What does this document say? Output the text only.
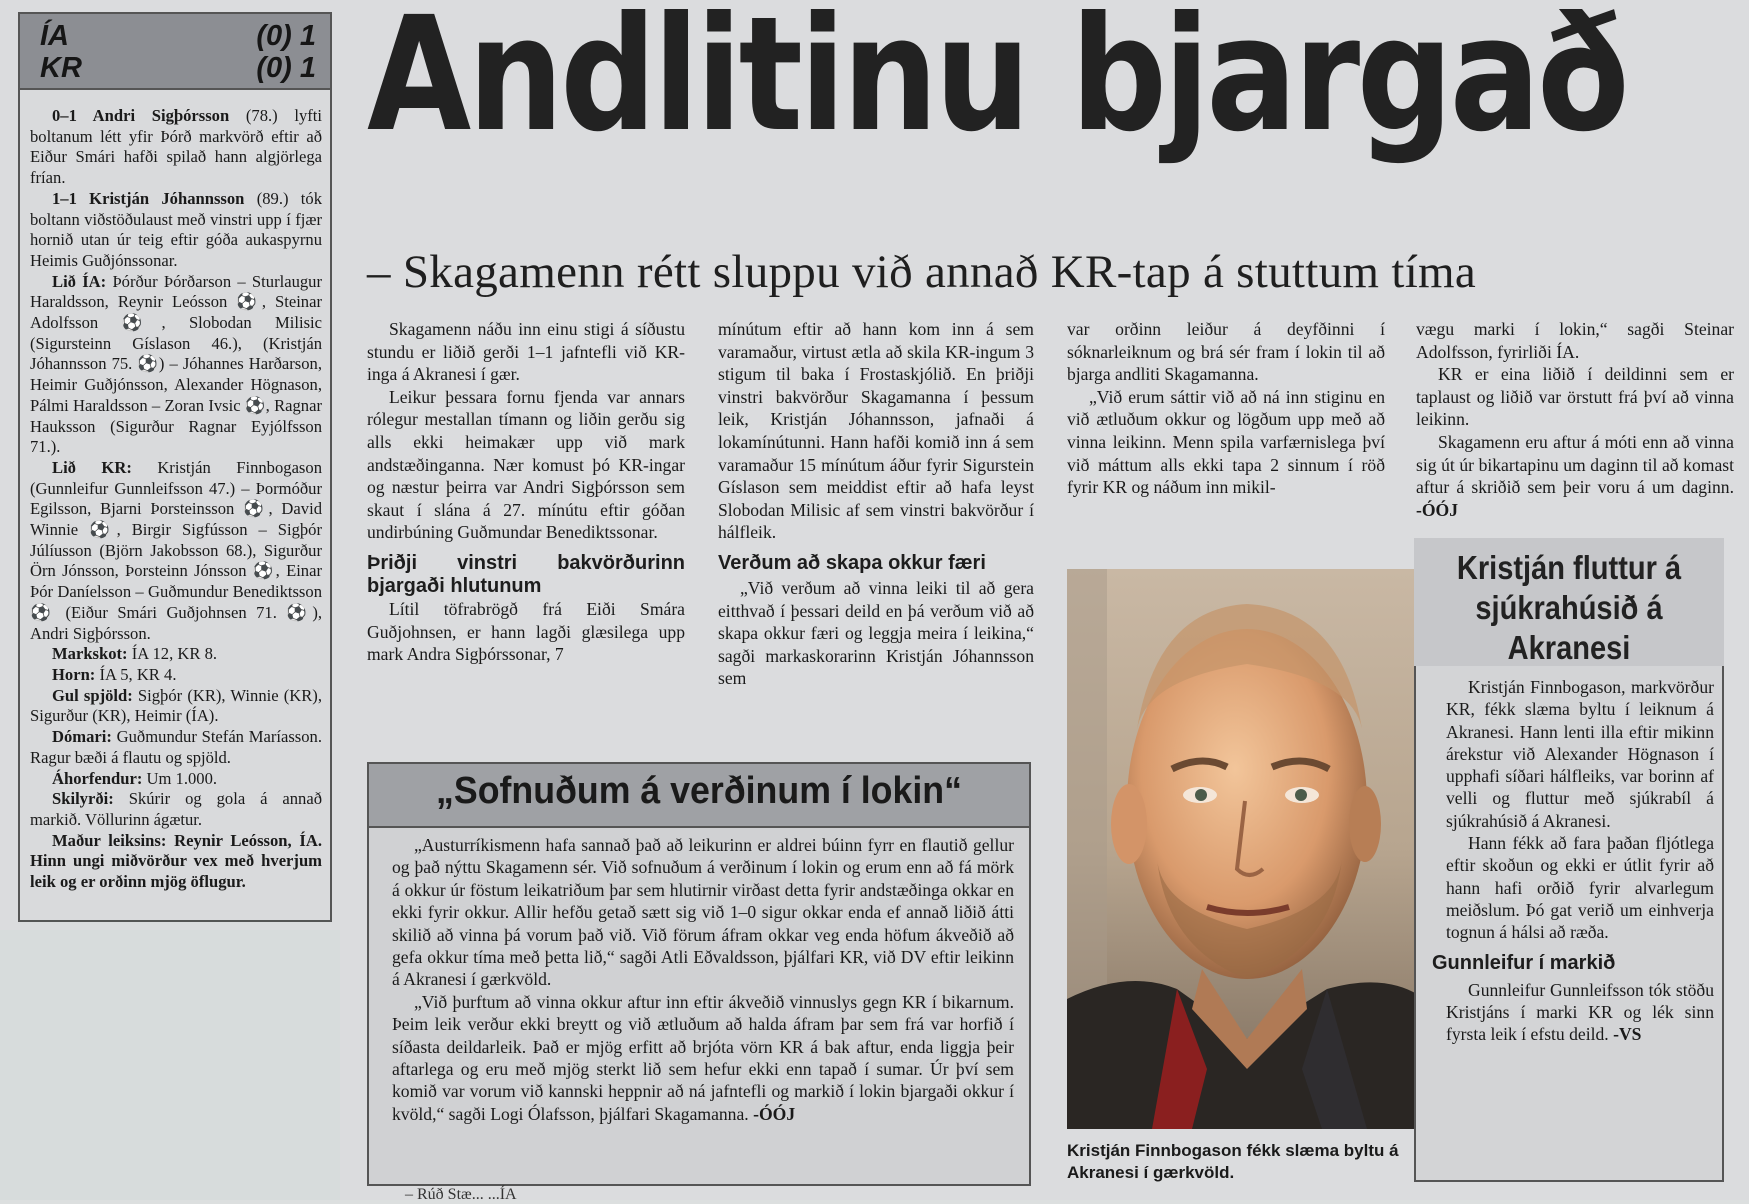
ÍA	(0) 1
KR	(0) 1

0–1 Andri Sigþórsson (78.) lyfti boltanum létt yfir Þórð markvörð eftir að Eiður Smári hafði spilað hann algjörlega frían.

1–1 Kristján Jóhannsson (89.) tók boltann viðstöðulaust með vinstri upp í fjær hornið utan úr teig eftir góða aukaspyrnu Heimis Guðjónssonar.

Lið ÍA: Þórður Þórðarson – Sturlaugur Haraldsson, Reynir Leósson ⚽, Steinar Adolfsson ⚽, Slobodan Milisic (Sigursteinn Gíslason 46.), (Kristján Jóhannsson 75. ⚽) – Jóhannes Harðarson, Heimir Guðjónsson, Alexander Högnason, Pálmi Haraldsson – Zoran Ivsic ⚽, Ragnar Hauksson (Sigurður Ragnar Eyjólfsson 71.).

Lið KR: Kristján Finnbogason (Gunnleifur Gunnleifsson 47.) – Þormóður Egilsson, Bjarni Þorsteinsson ⚽, David Winnie ⚽, Birgir Sigfússon – Sigþór Júlíusson (Björn Jakobsson 68.), Sigurður Örn Jónsson, Þorsteinn Jónsson ⚽, Einar Þór Daníelsson – Guðmundur Benediktsson ⚽ (Eiður Smári Guðjohnsen 71. ⚽), Andri Sigþórsson.

Markskot: ÍA 12, KR 8.

Horn: ÍA 5, KR 4.

Gul spjöld: Sigþór (KR), Winnie (KR), Sigurður (KR), Heimir (ÍA).

Dómari: Guðmundur Stefán Maríasson. Ragur bæði á flautu og spjöld.

Áhorfendur: Um 1.000.

Skilyrði: Skúrir og gola á annað markið. Völlurinn ágætur.

Maður leiksins: Reynir Leósson, ÍA. Hinn ungi miðvörður vex með hverjum leik og er orðinn mjög öflugur.

Andlitinu bjargað
– Skagamenn rétt sluppu við annað KR-tap á stuttum tíma

Skagamenn náðu inn einu stigi á síðustu stundu er liðið gerði 1–1 jafntefli við KR-inga á Akranesi í gær.

Leikur þessara fornu fjenda var annars rólegur mestallan tímann og liðin gerðu sig alls ekki heimakær upp við mark andstæðinganna. Nær komust þó KR-ingar og næstur þeirra var Andri Sigþórsson sem skaut í slána á 27. mínútu eftir góðan undirbúning Guðmundar Benediktssonar.

Þriðji vinstri bakvörðurinn bjargaði hlutunum

Lítil töfrabrögð frá Eiði Smára Guðjohnsen, er hann lagði glæsilega upp mark Andra Sigþórssonar, 7

mínútum eftir að hann kom inn á sem varamaður, virtust ætla að skila KR-ingum 3 stigum til baka í Frostaskjólið. En þriðji vinstri bakvörður Skagamanna í þessum leik, Kristján Jóhannsson, jafnaði á lokamínútunni. Hann hafði komið inn á sem varamaður 15 mínútum áður fyrir Sigurstein Gíslason sem meiddist eftir að hafa leyst Slobodan Milisic af sem vinstri bakvörður í hálfleik.

Verðum að skapa okkur færi

„Við verðum að vinna leiki til að gera eitthvað í þessari deild en þá verðum við að skapa okkur færi og leggja meira í leikina,“ sagði markaskorarinn Kristján Jóhannsson sem

var orðinn leiður á deyfðinni í sóknarleiknum og brá sér fram í lokin til að bjarga andliti Skagamanna.

„Við erum sáttir við að ná inn stiginu en við ætluðum okkur og lögðum upp með að vinna leikinn. Menn spila varfærnislega því við máttum alls ekki tapa 2 sinnum í röð fyrir KR og náðum inn mikil-

vægu marki í lokin,“ sagði Steinar Adolfsson, fyrirliði ÍA.

KR er eina liðið í deildinni sem er taplaust og liðið var örstutt frá því að vinna leikinn.

Skagamenn eru aftur á móti enn að vinna sig út úr bikartapinu um daginn til að komast aftur á skriðið sem þeir voru á um daginn. -ÓÓJ

„Sofnuðum á verðinum í lokin“

„Austurríkismenn hafa sannað það að leikurinn er aldrei búinn fyrr en flautið gellur og það nýttu Skagamenn sér. Við sofnuðum á verðinum í lokin og erum enn að fá mörk á okkur úr föstum leikatriðum þar sem hlutirnir virðast detta fyrir andstæðinga okkar en ekki fyrir okkur. Allir hefðu getað sætt sig við 1–0 sigur okkar enda ef annað liðið átti skilið að vinna þá vorum það við. Við förum áfram okkar veg enda höfum ákveðið að gefa okkur tíma með þetta lið,“ sagði Atli Eðvaldsson, þjálfari KR, við DV eftir leikinn á Akranesi í gærkvöld.

„Við þurftum að vinna okkur aftur inn eftir ákveðið vinnuslys gegn KR í bikarnum. Þeim leik verður ekki breytt og við ætluðum að halda áfram þar sem frá var horfið í síðasta deildarleik. Það er mjög erfitt að brjóta vörn KR á bak aftur, enda liggja þeir aftarlega og eru með mjög sterkt lið sem hefur ekki enn tapað í sumar. Úr því sem komið var vorum við kannski heppnir að ná jafntefli og markið í lokin bjargaði okkur í kvöld,“ sagði Logi Ólafsson, þjálfari Skagamanna. -ÓÓJ

Kristján Finnbogason fékk slæma byltu á Akranesi í gærkvöld.
Kristján fluttur á sjúkrahúsið á Akranesi

Kristján Finnbogason, markvörður KR, fékk slæma byltu í leiknum á Akranesi. Hann lenti illa eftir mikinn árekstur við Alexander Högnason í upphafi síðari hálfleiks, var borinn af velli og fluttur með sjúkrabíl á sjúkrahúsið á Akranesi.

Hann fékk að fara þaðan fljótlega eftir skoðun og ekki er útlit fyrir að hann hafi orðið fyrir alvarlegum meiðslum. Þó gat verið um einhverja tognun á hálsi að ræða.

Gunnleifur í markið

Gunnleifur Gunnleifsson tók stöðu Kristjáns í marki KR og lék sinn fyrsta leik í efstu deild. -VS

– Rúð Stæ... ...ÍA
